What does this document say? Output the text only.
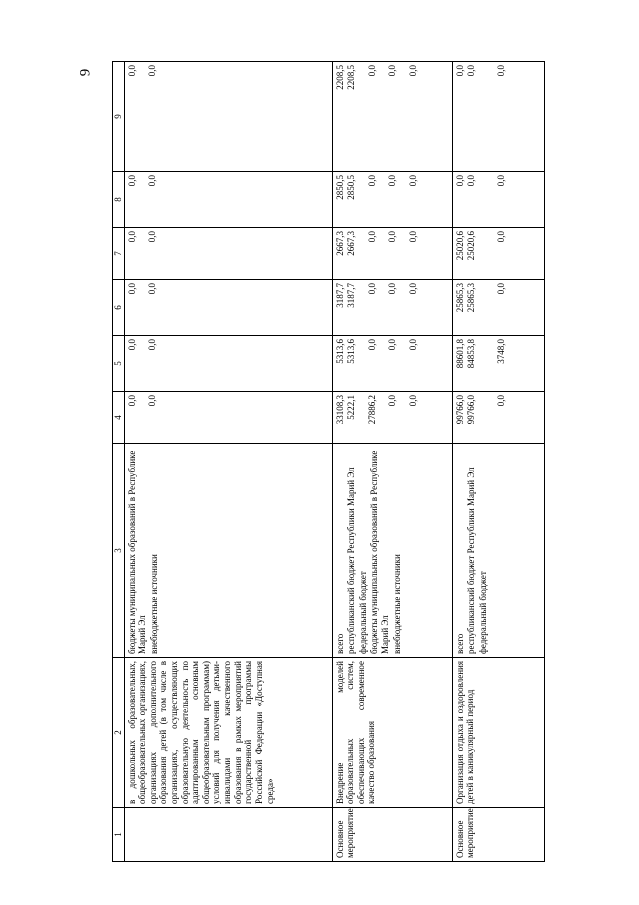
9
1	2	3	4	5	6	7	8	9
	в дошкольных образовательных, общеобразовательных организациях, организациях дополнительного образования детей (в том числе в организациях, осуществляющих образовательную деятельность по адаптированным основным общеобразовательным программам) условий для получения детьми-инвалидами качественного образования в рамках мероприятий государственной программы Российской Федерации «Доступная среда»	бюджеты муниципальных образований в Республике Марий Эл внебюджетные источники	0,0 0,0	0,0 0,0	0,0 0,0	0,0 0,0	0,0 0,0	0,0 0,0

Основное мероприятие	Внедрение моделей образовательных систем, обеспечивающих современное качество образования	всего республиканский бюджет Республики Марий Эл федеральный бюджет бюджеты муниципальных образований в Республике Марий Эл внебюджетные источники	33108,3 5222,1 27886,2 0,0 0,0	5313,6 5313,6 0,0 0,0 0,0	3187,7 3187,7 0,0 0,0 0,0	2667,3 2667,3 0,0 0,0 0,0	2850,5 2850,5 0,0 0,0 0,0	2208,5 2208,5 0,0 0,0 0,0

Основное мероприятие	Организация отдыха и оздоровления детей в каникулярный период	всего республиканский бюджет Республики Марий Эл федеральный бюджет	99766,0 99766,0 0,0	88601,8 84853,8 3748,0	25865,3 25865,3 0,0	25020,6 25020,6 0,0	0,0 0,0 0,0	0,0 0,0 0,0
